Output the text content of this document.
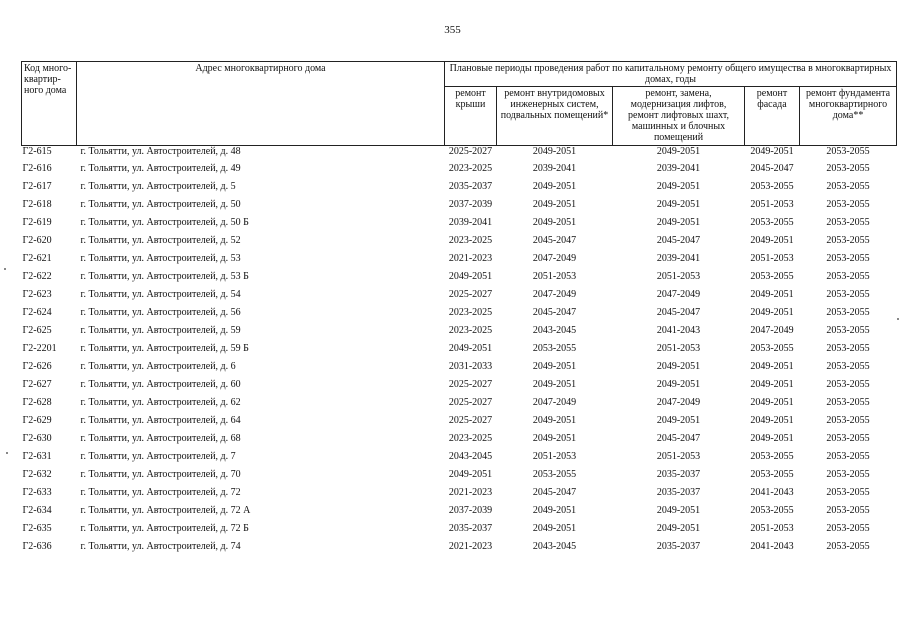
355
Код много-квартир-ного дома	Адрес многоквартирного дома	Плановые периоды проведения работ по капитальному ремонту общего имущества в многоквартирных домах, годы				
		ремонт крыши	ремонт внутридомовых инженерных систем, подвальных помещений*	ремонт, замена, модернизация лифтов, ремонт лифтовых шахт, машинных и блочных помещений	ремонт фасада	ремонт фундамента многоквартирного дома**
Г2-615	г. Тольятти, ул. Автостроителей, д. 48	2025-2027	2049-2051	2049-2051	2049-2051	2053-2055
Г2-616	г. Тольятти, ул. Автостроителей, д. 49	2023-2025	2039-2041	2039-2041	2045-2047	2053-2055
Г2-617	г. Тольятти, ул. Автостроителей, д. 5	2035-2037	2049-2051	2049-2051	2053-2055	2053-2055
Г2-618	г. Тольятти, ул. Автостроителей, д. 50	2037-2039	2049-2051	2049-2051	2051-2053	2053-2055
Г2-619	г. Тольятти, ул. Автостроителей, д. 50 Б	2039-2041	2049-2051	2049-2051	2053-2055	2053-2055
Г2-620	г. Тольятти, ул. Автостроителей, д. 52	2023-2025	2045-2047	2045-2047	2049-2051	2053-2055
Г2-621	г. Тольятти, ул. Автостроителей, д. 53	2021-2023	2047-2049	2039-2041	2051-2053	2053-2055
Г2-622	г. Тольятти, ул. Автостроителей, д. 53 Б	2049-2051	2051-2053	2051-2053	2053-2055	2053-2055
Г2-623	г. Тольятти, ул. Автостроителей, д. 54	2025-2027	2047-2049	2047-2049	2049-2051	2053-2055
Г2-624	г. Тольятти, ул. Автостроителей, д. 56	2023-2025	2045-2047	2045-2047	2049-2051	2053-2055
Г2-625	г. Тольятти, ул. Автостроителей, д. 59	2023-2025	2043-2045	2041-2043	2047-2049	2053-2055
Г2-2201	г. Тольятти, ул. Автостроителей, д. 59 Б	2049-2051	2053-2055	2051-2053	2053-2055	2053-2055
Г2-626	г. Тольятти, ул. Автостроителей, д. 6	2031-2033	2049-2051	2049-2051	2049-2051	2053-2055
Г2-627	г. Тольятти, ул. Автостроителей, д. 60	2025-2027	2049-2051	2049-2051	2049-2051	2053-2055
Г2-628	г. Тольятти, ул. Автостроителей, д. 62	2025-2027	2047-2049	2047-2049	2049-2051	2053-2055
Г2-629	г. Тольятти, ул. Автостроителей, д. 64	2025-2027	2049-2051	2049-2051	2049-2051	2053-2055
Г2-630	г. Тольятти, ул. Автостроителей, д. 68	2023-2025	2049-2051	2045-2047	2049-2051	2053-2055
Г2-631	г. Тольятти, ул. Автостроителей, д. 7	2043-2045	2051-2053	2051-2053	2053-2055	2053-2055
Г2-632	г. Тольятти, ул. Автостроителей, д. 70	2049-2051	2053-2055	2035-2037	2053-2055	2053-2055
Г2-633	г. Тольятти, ул. Автостроителей, д. 72	2021-2023	2045-2047	2035-2037	2041-2043	2053-2055
Г2-634	г. Тольятти, ул. Автостроителей, д. 72 А	2037-2039	2049-2051	2049-2051	2053-2055	2053-2055
Г2-635	г. Тольятти, ул. Автостроителей, д. 72 Б	2035-2037	2049-2051	2049-2051	2051-2053	2053-2055
Г2-636	г. Тольятти, ул. Автостроителей, д. 74	2021-2023	2043-2045	2035-2037	2041-2043	2053-2055
